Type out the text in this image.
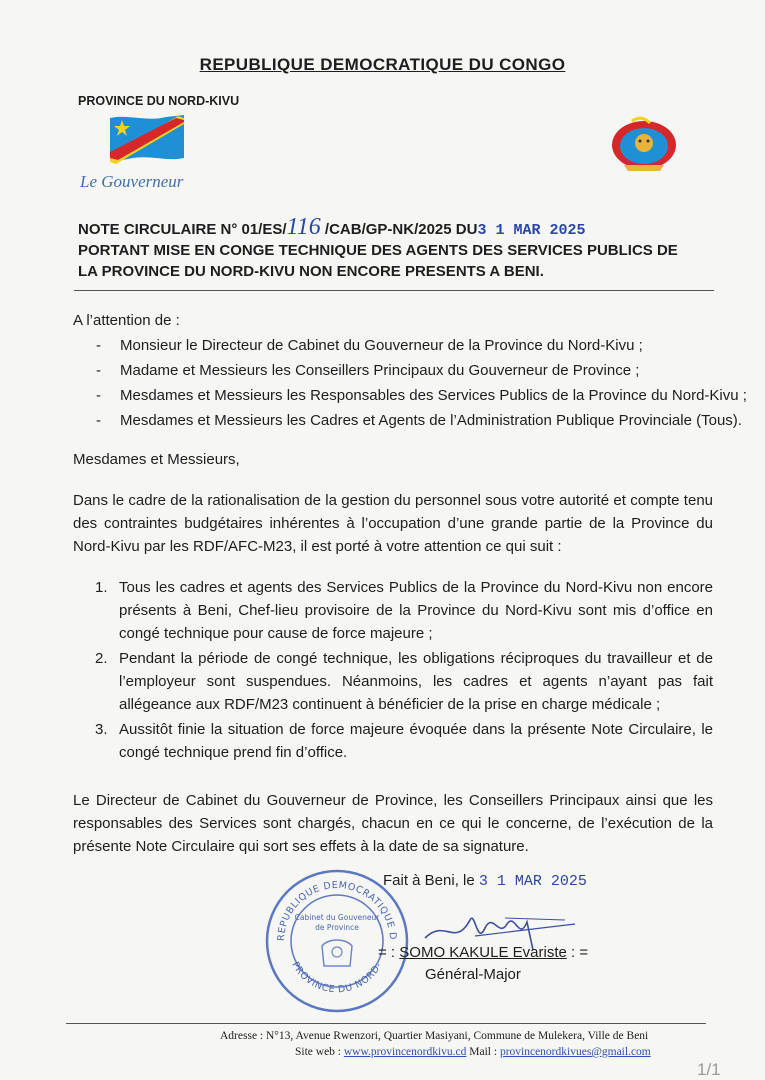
REPUBLIQUE DEMOCRATIQUE DU CONGO
PROVINCE DU NORD-KIVU
Le Gouverneur
NOTE CIRCULAIRE N° 01/ES/116 /CAB/GP-NK/2025 DU3 1 MAR 2025
PORTANT MISE EN CONGE TECHNIQUE DES AGENTS DES SERVICES PUBLICS DE LA PROVINCE DU NORD-KIVU NON ENCORE PRESENTS A BENI.
A l’attention de :
- Monsieur le Directeur de Cabinet du Gouverneur de la Province du Nord-Kivu ;
- Madame et Messieurs les Conseillers Principaux du Gouverneur de Province ;
- Mesdames et Messieurs les Responsables des Services Publics de la Province du Nord-Kivu ;
- Mesdames et Messieurs les Cadres et Agents de l’Administration Publique Provinciale (Tous).
Mesdames et Messieurs,
Dans le cadre de la rationalisation de la gestion du personnel sous votre autorité et compte tenu des contraintes budgétaires inhérentes à l’occupation d’une grande partie de la Province du Nord-Kivu par les RDF/AFC-M23, il est porté à votre attention ce qui suit :
1. Tous les cadres et agents des Services Publics de la Province du Nord-Kivu non encore présents à Beni, Chef-lieu provisoire de la Province du Nord-Kivu sont mis d’office en congé technique pour cause de force majeure ;
2. Pendant la période de congé technique, les obligations réciproques du travailleur et de l’employeur sont suspendues. Néanmoins, les cadres et agents n’ayant pas fait allégeance aux RDF/M23 continuent à bénéficier de la prise en charge médicale ;
3. Aussitôt finie la situation de force majeure évoquée dans la présente Note Circulaire, le congé technique prend fin d’office.
Le Directeur de Cabinet du Gouverneur de Province, les Conseillers Principaux ainsi que les responsables des Services sont chargés, chacun en ce qui le concerne, de l’exécution de la présente Note Circulaire qui sort ses effets à la date de sa signature.
REPUBLIQUE DEMOCRATIQUE D
PROVINCE DU NORD-
Cabinet du Gouveneur
de Province
Fait à Beni, le 3 1 MAR 2025
= : SOMO KAKULE Evariste : =
Général-Major
Adresse : N°13, Avenue Rwenzori, Quartier Masiyani, Commune de Mulekera, Ville de Beni
Site web : www.provincenordkivu.cd Mail : provincenordkivues@gmail.com
1/1
